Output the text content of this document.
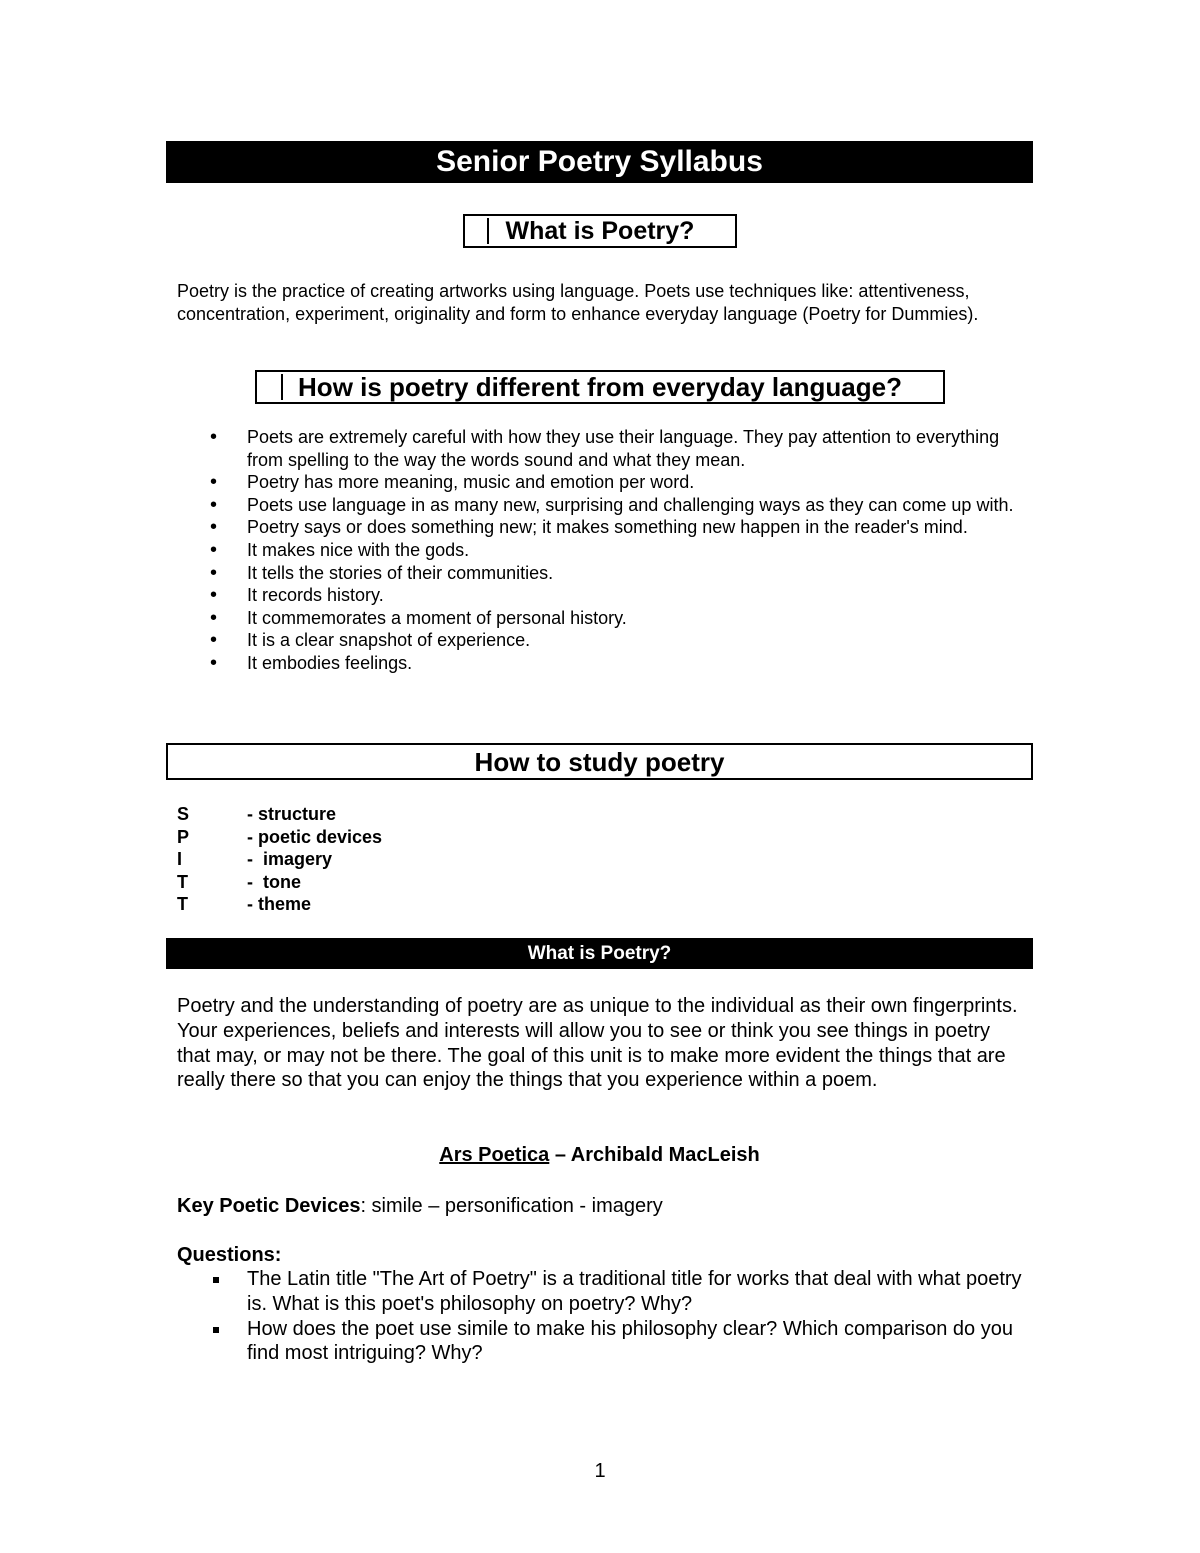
Senior Poetry Syllabus
What is Poetry?
Poetry is the practice of creating artworks using language. Poets use techniques like: attentiveness, concentration, experiment, originality and form to enhance everyday language (Poetry for Dummies).
How is poetry different from everyday language?
• Poets are extremely careful with how they use their language. They pay attention to everything from spelling to the way the words sound and what they mean.
• Poetry has more meaning, music and emotion per word.
• Poets use language in as many new, surprising and challenging ways as they can come up with.
• Poetry says or does something new; it makes something new happen in the reader's mind.
• It makes nice with the gods.
• It tells the stories of their communities.
• It records history.
• It commemorates a moment of personal history.
• It is a clear snapshot of experience.
• It embodies feelings.
How to study poetry
S	- structure
P	- poetic devices
I	-  imagery
T	-  tone
T	- theme
What is Poetry?
Poetry and the understanding of poetry are as unique to the individual as their own fingerprints. Your experiences, beliefs and interests will allow you to see or think you see things in poetry that may, or may not be there. The goal of this unit is to make more evident the things that are really there so that you can enjoy the things that you experience within a poem.
Ars Poetica – Archibald MacLeish
Key Poetic Devices: simile – personification - imagery
Questions:
The Latin title "The Art of Poetry" is a traditional title for works that deal with what poetry is. What is this poet's philosophy on poetry? Why?
How does the poet use simile to make his philosophy clear? Which comparison do you find most intriguing? Why?
1
